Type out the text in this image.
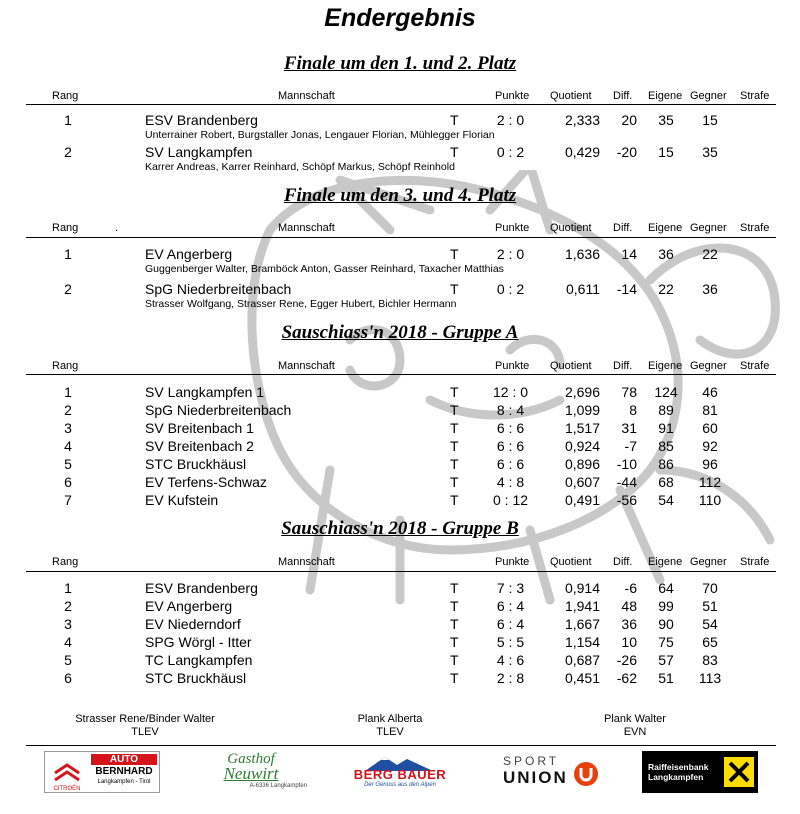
Endergebnis
Finale um den 1. und 2. Platz
Rang	Mannschaft	Punkte Quotient Diff. Eigene Gegner Strafe
1	ESV Brandenberg	T	2 : 0	2,333	20	35	15
Unterrainer Robert, Burgstaller Jonas, Lengauer Florian, Mühlegger Florian
2	SV Langkampfen	T	0 : 2	0,429	-20	15	35
Karrer Andreas, Karrer Reinhard, Schöpf Markus, Schöpf Reinhold
Finale um den 3. und 4. Platz
Rang	Mannschaft	Punkte Quotient Diff. Eigene Gegner Strafe
.
1	EV Angerberg	T	2 : 0	1,636	14	36	22
Guggenberger Walter, Bramböck Anton, Gasser Reinhard, Taxacher Matthias
2	SpG Niederbreitenbach	T	0 : 2	0,611	-14	22	36
Strasser Wolfgang, Strasser Rene, Egger Hubert, Bichler Hermann
Sauschiass'n 2018 - Gruppe A
Rang	Mannschaft	Punkte Quotient Diff. Eigene Gegner Strafe
1	SV Langkampfen 1	T	12 : 0	2,696	78	124	46
2	SpG Niederbreitenbach	T	8 : 4	1,099	8	89	81
3	SV Breitenbach 1	T	6 : 6	1,517	31	91	60
4	SV Breitenbach 2	T	6 : 6	0,924	-7	85	92
5	STC Bruckhäusl	T	6 : 6	0,896	-10	86	96
6	EV Terfens-Schwaz	T	4 : 8	0,607	-44	68	112
7	EV Kufstein	T	0 : 12	0,491	-56	54	110
Sauschiass'n 2018 - Gruppe B
Rang	Mannschaft	Punkte Quotient Diff. Eigene Gegner Strafe
1	ESV Brandenberg	T	7 : 3	0,914	-6	64	70
2	EV Angerberg	T	6 : 4	1,941	48	99	51
3	EV Niederndorf	T	6 : 4	1,667	36	90	54
4	SPG Wörgl - Itter	T	5 : 5	1,154	10	75	65
5	TC Langkampfen	T	4 : 6	0,687	-26	57	83
6	STC Bruckhäusl	T	2 : 8	0,451	-62	51	113
Strasser Rene/Binder Walter
TLEV
Plank Alberta
TLEV
Plank Walter
EVN
CITROËN
AUTO
BERNHARD
Langkampfen - Tirol
Gasthof
Neuwirt
A-6336 Langkampfen
BERG BAUER
Der Genuss aus den Alpen
SPORT
UNION
Raiffeisenbank
Langkampfen
